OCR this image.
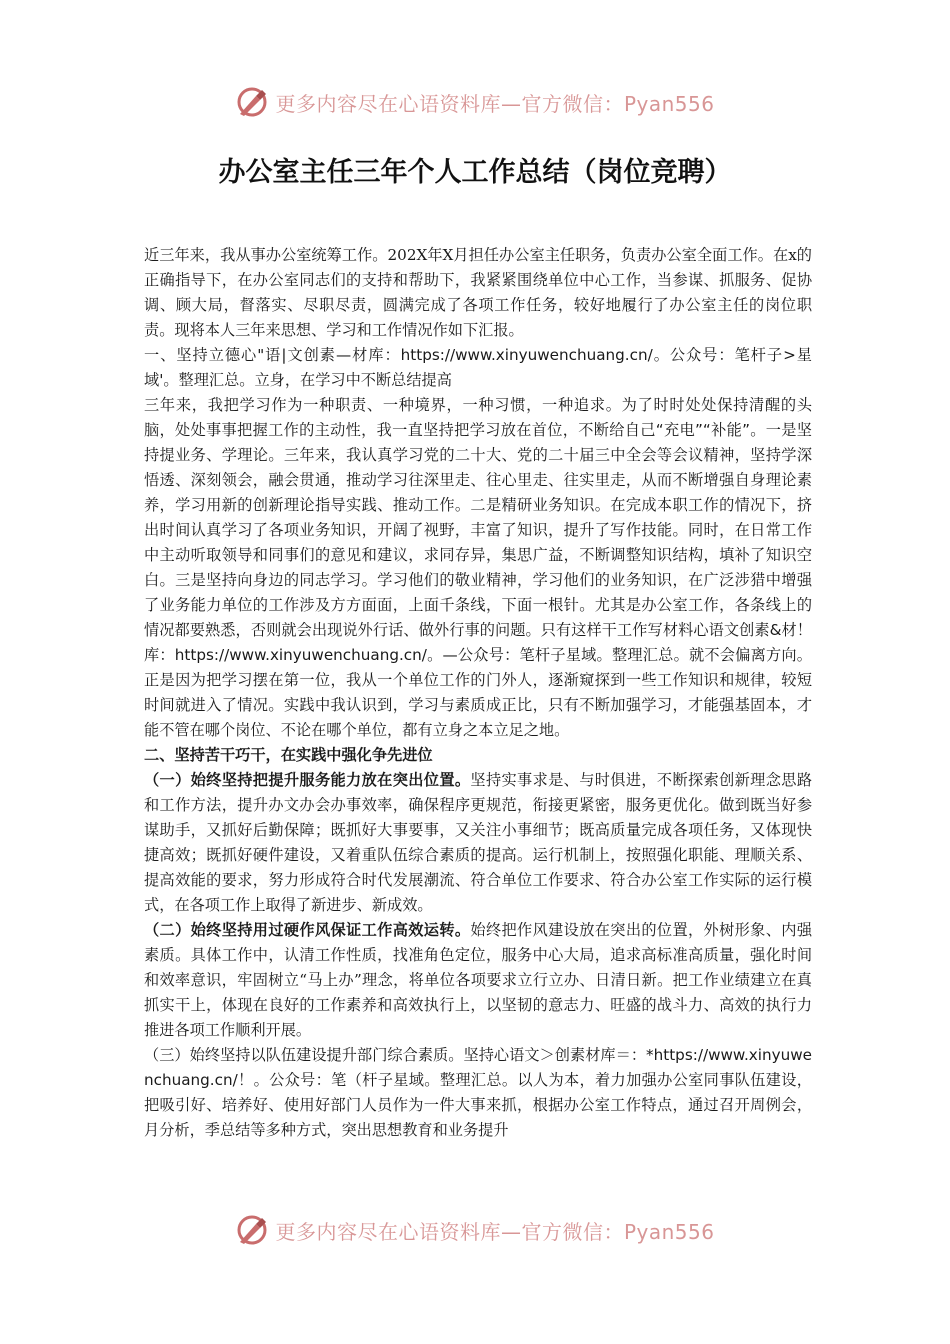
更多内容尽在心语资料库—官方微信：Pyan556
办公室主任三年个人工作总结（岗位竞聘）

近三年来，我从事办公室统筹工作。202X年X月担任办公室主任职务，负责办公室全面工作。在x的正确指导下，在办公室同志们的支持和帮助下，我紧紧围绕单位中心工作，当参谋、抓服务、促协调、顾大局，督落实、尽职尽责，圆满完成了各项工作任务，较好地履行了办公室主任的岗位职责。现将本人三年来思想、学习和工作情况作如下汇报。

一、坚持立德心"语|文创素—材库：https://www.xinyuwenchuang.cn/。公众号：笔杆子>星域'。整理汇总。立身，在学习中不断总结提高

三年来，我把学习作为一种职责、一种境界，一种习惯，一种追求。为了时时处处保持清醒的头脑，处处事事把握工作的主动性，我一直坚持把学习放在首位，不断给自己“充电”“补能”。一是坚持提业务、学理论。三年来，我认真学习党的二十大、党的二十届三中全会等会议精神，坚持学深悟透、深刻领会，融会贯通，推动学习往深里走、往心里走、往实里走，从而不断增强自身理论素养，学习用新的创新理论指导实践、推动工作。二是精研业务知识。在完成本职工作的情况下，挤出时间认真学习了各项业务知识，开阔了视野，丰富了知识，提升了写作技能。同时，在日常工作中主动听取领导和同事们的意见和建议，求同存异，集思广益，不断调整知识结构，填补了知识空白。三是坚持向身边的同志学习。学习他们的敬业精神，学习他们的业务知识，在广泛涉猎中增强了业务能力单位的工作涉及方方面面，上面千条线，下面一根针。尤其是办公室工作，各条线上的情况都要熟悉，否则就会出现说外行话、做外行事的问题。只有这样干工作写材料心语文创素&材！库：https://www.xinyuwenchuang.cn/。—公众号：笔杆子星域。整理汇总。就不会偏离方向。正是因为把学习摆在第一位，我从一个单位工作的门外人，逐渐窥探到一些工作知识和规律，较短时间就进入了情况。实践中我认识到，学习与素质成正比，只有不断加强学习，才能强基固本，才能不管在哪个岗位、不论在哪个单位，都有立身之本立足之地。

二、坚持苦干巧干，在实践中强化争先进位

（一）始终坚持把提升服务能力放在突出位置。坚持实事求是、与时俱进，不断探索创新理念思路和工作方法，提升办文办会办事效率，确保程序更规范，衔接更紧密，服务更优化。做到既当好参谋助手，又抓好后勤保障；既抓好大事要事，又关注小事细节；既高质量完成各项任务，又体现快捷高效；既抓好硬件建设，又着重队伍综合素质的提高。运行机制上，按照强化职能、理顺关系、提高效能的要求，努力形成符合时代发展潮流、符合单位工作要求、符合办公室工作实际的运行模式，在各项工作上取得了新进步、新成效。

（二）始终坚持用过硬作风保证工作高效运转。始终把作风建设放在突出的位置，外树形象、内强素质。具体工作中，认清工作性质，找准角色定位，服务中心大局，追求高标准高质量，强化时间和效率意识，牢固树立“马上办”理念，将单位各项要求立行立办、日清日新。把工作业绩建立在真抓实干上，体现在良好的工作素养和高效执行上，以坚韧的意志力、旺盛的战斗力、高效的执行力推进各项工作顺利开展。

（三）始终坚持以队伍建设提升部门综合素质。坚持心语文＞创素材库＝：*https://www.xinyuwenchuang.cn/！。公众号：笔（杆子星域。整理汇总。以人为本，着力加强办公室同事队伍建设，把吸引好、培养好、使用好部门人员作为一件大事来抓，根据办公室工作特点，通过召开周例会，月分析，季总结等多种方式，突出思想教育和业务提升

更多内容尽在心语资料库—官方微信：Pyan556
